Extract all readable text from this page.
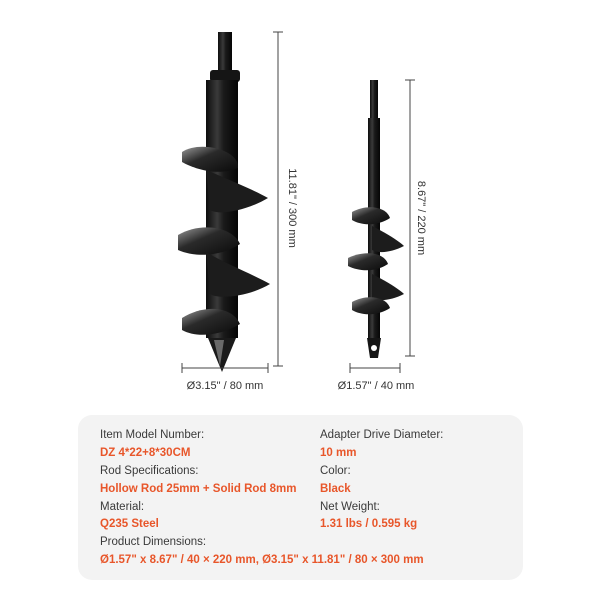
11.81" / 300 mm	8.67" / 220 mm
Ø3.15" / 80 mm	Ø1.57" / 40 mm
Item Model Number:
DZ 4*22+8*30CM
Rod Specifications:
Hollow Rod 25mm + Solid Rod 8mm
Material:
Q235 Steel
Product Dimensions:
Ø1.57" x 8.67" / 40 × 220 mm, Ø3.15" x 11.81" / 80 × 300 mm
Adapter Drive Diameter:
10 mm
Color:
Black
Net Weight:
1.31 lbs / 0.595 kg
